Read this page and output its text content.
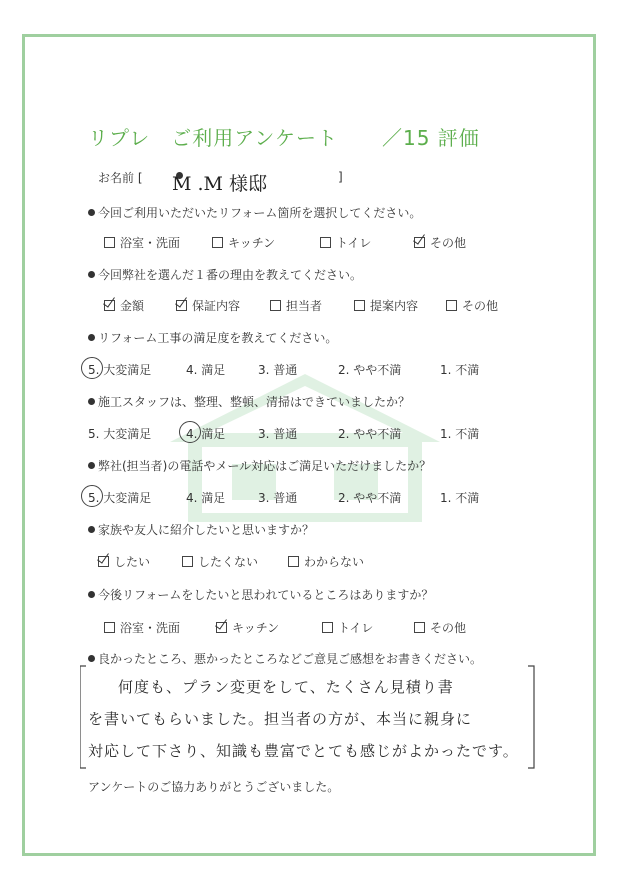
リプレ　ご利用アンケート ／15 評価
お名前 [ M .M 様邸	]
今回ご利用いただいたリフォーム箇所を選択してください。
浴室・洗面	キッチン	トイレ	その他
今回弊社を選んだ１番の理由を教えてください。
金額	保証内容	担当者	提案内容	その他
リフォーム工事の満足度を教えてください。
5. 大変満足	4. 満足	3. 普通	2. やや不満	1. 不満
施工スタッフは、整理、整頓、清掃はできていましたか？
5. 大変満足	4. 満足	3. 普通	2. やや不満	1. 不満
弊社(担当者)の電話やメール対応はご満足いただけましたか？
5. 大変満足	4. 満足	3. 普通	2. やや不満	1. 不満
家族や友人に紹介したいと思いますか？
したい	したくない	わからない
今後リフォームをしたいと思われているところはありますか？
浴室・洗面	キッチン	トイレ	その他
良かったところ、悪かったところなどご意見ご感想をお書きください。
何度も、プラン変更をして、たくさん見積り書
を書いてもらいました。担当者の方が、本当に親身に
対応して下さり、知識も豊富でとても感じがよかったです。
アンケートのご協力ありがとうございました。
